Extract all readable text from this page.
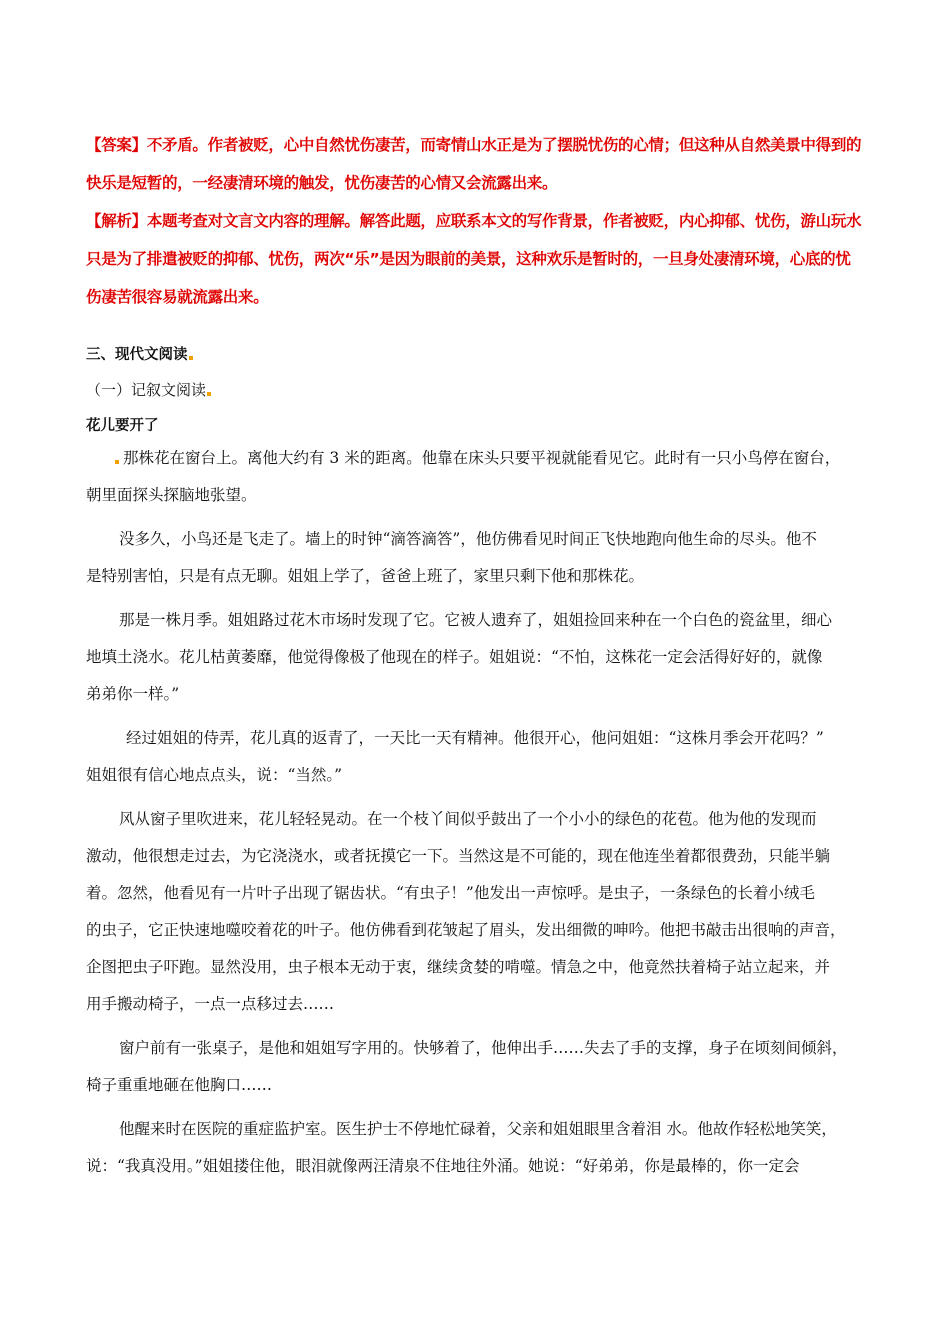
【答案】不矛盾。作者被贬，心中自然忧伤凄苦，而寄情山水正是为了摆脱忧伤的心情；但这种从自然美景中得到的
快乐是短暂的，一经凄清环境的触发，忧伤凄苦的心情又会流露出来。

【解析】本题考查对文言文内容的理解。解答此题，应联系本文的写作背景，作者被贬，内心抑郁、忧伤，游山玩水
只是为了排遣被贬的抑郁、忧伤，两次“乐”是因为眼前的美景，这种欢乐是暂时的，一旦身处凄清环境，心底的忧
伤凄苦很容易就流露出来。

三、现代文阅读
（一）记叙文阅读
花儿要开了

那株花在窗台上。离他大约有 3 米的距离。他靠在床头只要平视就能看见它。此时有一只小鸟停在窗台，
朝里面探头探脑地张望。

没多久，小鸟还是飞走了。墙上的时钟“滴答滴答”，他仿佛看见时间正飞快地跑向他生命的尽头。他不
是特别害怕，只是有点无聊。姐姐上学了，爸爸上班了，家里只剩下他和那株花。

那是一株月季。姐姐路过花木市场时发现了它。它被人遗弃了，姐姐捡回来种在一个白色的瓷盆里，细心
地填土浇水。花儿枯黄萎靡，他觉得像极了他现在的样子。姐姐说：“不怕，这株花一定会活得好好的，就像
弟弟你一样。”

经过姐姐的侍弄，花儿真的返青了，一天比一天有精神。他很开心，他问姐姐：“这株月季会开花吗？”
姐姐很有信心地点点头，说：“当然。”

风从窗子里吹进来，花儿轻轻晃动。在一个枝丫间似乎鼓出了一个小小的绿色的花苞。他为他的发现而
激动，他很想走过去，为它浇浇水，或者抚摸它一下。当然这是不可能的，现在他连坐着都很费劲，只能半躺
着。忽然，他看见有一片叶子出现了锯齿状。“有虫子！”他发出一声惊呼。是虫子，一条绿色的长着小绒毛
的虫子，它正快速地噬咬着花的叶子。他仿佛看到花皱起了眉头，发出细微的呻吟。他把书敲击出很响的声音，
企图把虫子吓跑。显然没用，虫子根本无动于衷，继续贪婪的啃噬。情急之中，他竟然扶着椅子站立起来，并
用手搬动椅子，一点一点移过去……

窗户前有一张桌子，是他和姐姐写字用的。快够着了，他伸出手……失去了手的支撑，身子在顷刻间倾斜，
椅子重重地砸在他胸口……

他醒来时在医院的重症监护室。医生护士不停地忙碌着，父亲和姐姐眼里含着泪 水。他故作轻松地笑笑，
说：“我真没用。”姐姐搂住他，眼泪就像两汪清泉不住地往外涌。她说：“好弟弟，你是最棒的，你一定会
